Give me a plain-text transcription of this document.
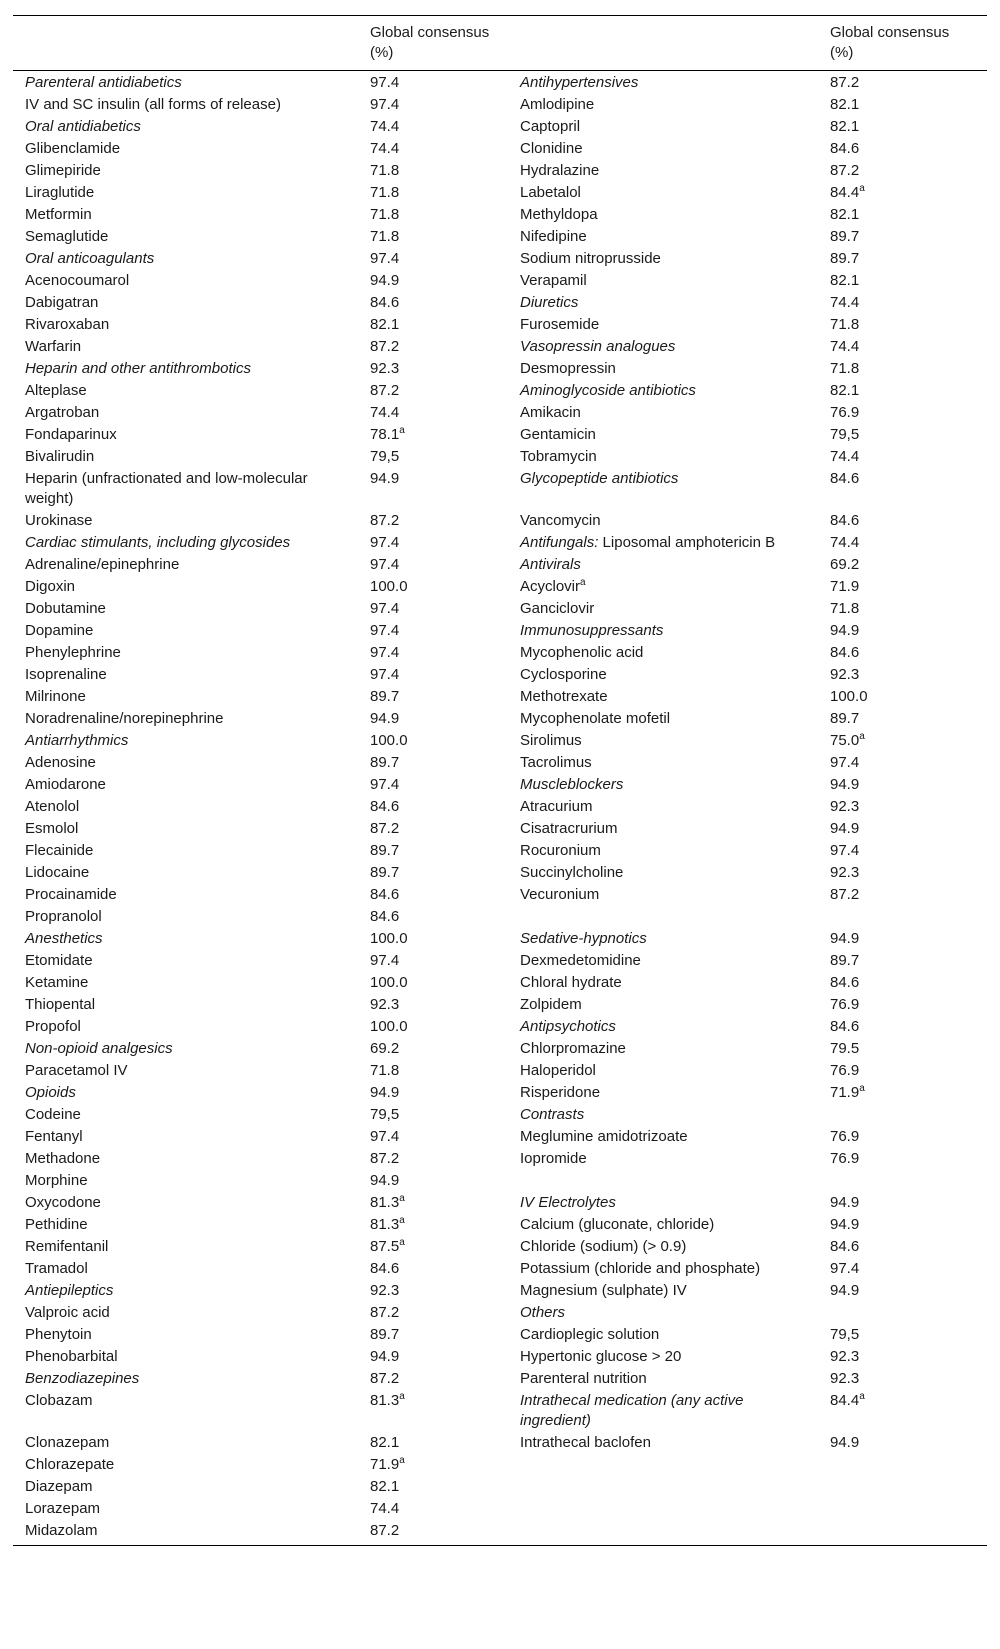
	Global consensus (%)		Global consensus (%)
Parenteral antidiabetics	97.4	Antihypertensives	87.2
IV and SC insulin (all forms of release)	97.4	Amlodipine	82.1
Oral antidiabetics	74.4	Captopril	82.1
Glibenclamide	74.4	Clonidine	84.6
Glimepiride	71.8	Hydralazine	87.2
Liraglutide	71.8	Labetalol	84.4$^a$
Metformin	71.8	Methyldopa	82.1
Semaglutide	71.8	Nifedipine	89.7
Oral anticoagulants	97.4	Sodium nitroprusside	89.7
Acenocoumarol	94.9	Verapamil	82.1
Dabigatran	84.6	Diuretics	74.4
Rivaroxaban	82.1	Furosemide	71.8
Warfarin	87.2	Vasopressin analogues	74.4
Heparin and other antithrombotics	92.3	Desmopressin	71.8
Alteplase	87.2	Aminoglycoside antibiotics	82.1
Argatroban	74.4	Amikacin	76.9
Fondaparinux	78.1$^a$	Gentamicin	79,5
Bivalirudin	79,5	Tobramycin	74.4
Heparin (unfractionated and low-molecular weight)	94.9	Glycopeptide antibiotics	84.6
Urokinase	87.2	Vancomycin	84.6
Cardiac stimulants, including glycosides	97.4	Antifungals: Liposomal amphotericin B	74.4
Adrenaline/epinephrine	97.4	Antivirals	69.2
Digoxin	100.0	Acyclovir$^a$	71.9
Dobutamine	97.4	Ganciclovir	71.8
Dopamine	97.4	Immunosuppressants	94.9
Phenylephrine	97.4	Mycophenolic acid	84.6
Isoprenaline	97.4	Cyclosporine	92.3
Milrinone	89.7	Methotrexate	100.0
Noradrenaline/norepinephrine	94.9	Mycophenolate mofetil	89.7
Antiarrhythmics	100.0	Sirolimus	75.0$^a$
Adenosine	89.7	Tacrolimus	97.4
Amiodarone	97.4	Muscleblockers	94.9
Atenolol	84.6	Atracurium	92.3
Esmolol	87.2	Cisatracrurium	94.9
Flecainide	89.7	Rocuronium	97.4
Lidocaine	89.7	Succinylcholine	92.3
Procainamide	84.6	Vecuronium	87.2
Propranolol	84.6		
Anesthetics	100.0	Sedative-hypnotics	94.9
Etomidate	97.4	Dexmedetomidine	89.7
Ketamine	100.0	Chloral hydrate	84.6
Thiopental	92.3	Zolpidem	76.9
Propofol	100.0	Antipsychotics	84.6
Non-opioid analgesics	69.2	Chlorpromazine	79.5
Paracetamol IV	71.8	Haloperidol	76.9
Opioids	94.9	Risperidone	71.9$^a$
Codeine	79,5	Contrasts	
Fentanyl	97.4	Meglumine amidotrizoate	76.9
Methadone	87.2	Iopromide	76.9
Morphine	94.9		
Oxycodone	81.3$^a$	IV Electrolytes	94.9
Pethidine	81.3$^a$	Calcium (gluconate, chloride)	94.9
Remifentanil	87.5$^a$	Chloride (sodium) (> 0.9)	84.6
Tramadol	84.6	Potassium (chloride and phosphate)	97.4
Antiepileptics	92.3	Magnesium (sulphate) IV	94.9
Valproic acid	87.2	Others	
Phenytoin	89.7	Cardioplegic solution	79,5
Phenobarbital	94.9	Hypertonic glucose > 20	92.3
Benzodiazepines	87.2	Parenteral nutrition	92.3
Clobazam	81.3$^a$	Intrathecal medication (any active ingredient)	84.4$^a$
Clonazepam	82.1	Intrathecal baclofen	94.9
Chlorazepate	71.9$^a$		
Diazepam	82.1		
Lorazepam	74.4		
Midazolam	87.2		
